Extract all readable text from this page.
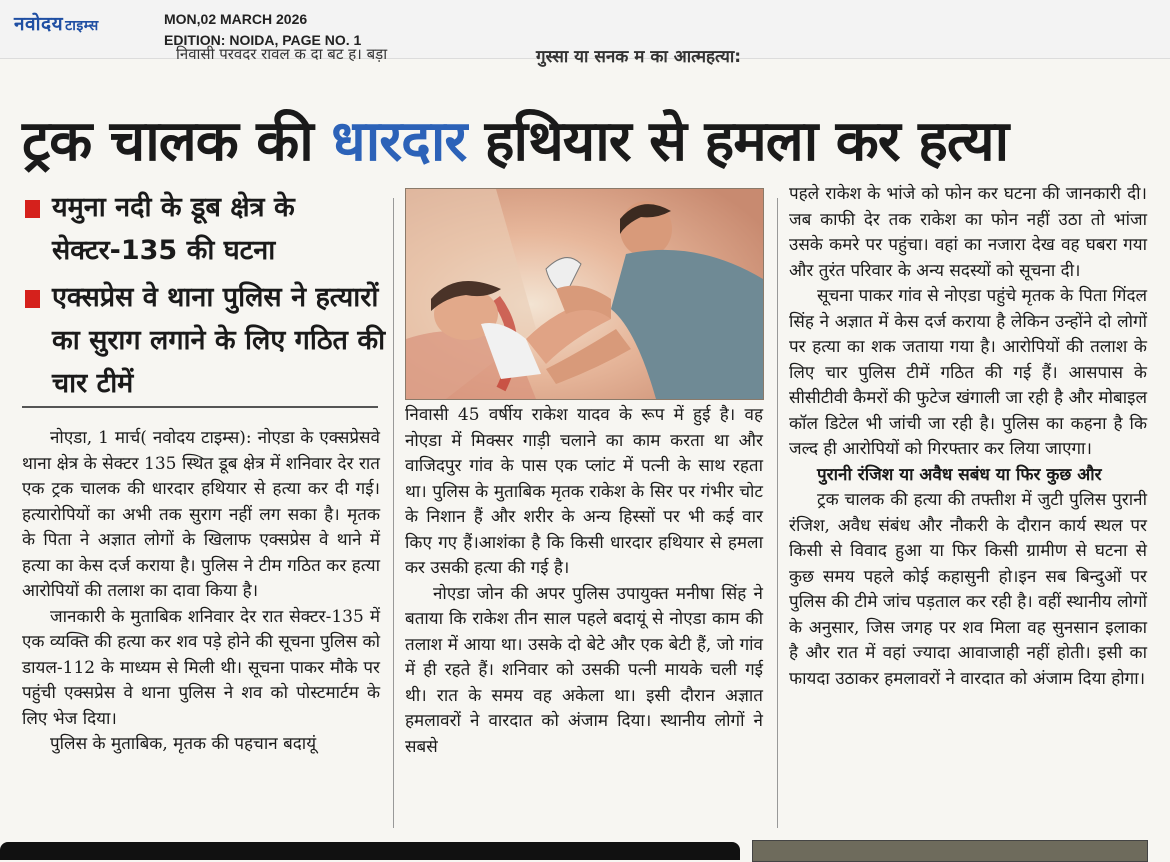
नवोदय टाइम्स	MON,02 MARCH 2026
EDITION: NOIDA, PAGE NO. 1
निवासी परवदर रावल क दा बट ह। बड़ा	गुस्सा या सनक म का आत्महत्या:
ट्रक चालक की धारदार हथियार से हमला कर हत्या
यमुना नदी के डूब क्षेत्र के सेक्टर-135 की घटना
एक्सप्रेस वे थाना पुलिस ने हत्यारों का सुराग लगाने के लिए गठित की चार टीमें

नोएडा, 1 मार्च( नवोदय टाइम्स): नोएडा के एक्सप्रेसवे थाना क्षेत्र के सेक्टर 135 स्थित डूब क्षेत्र में शनिवार देर रात एक ट्रक चालक की धारदार हथियार से हत्या कर दी गई। हत्यारोपियों का अभी तक सुराग नहीं लग सका है। मृतक के पिता ने अज्ञात लोगों के खिलाफ एक्सप्रेस वे थाने में हत्या का केस दर्ज कराया है। पुलिस ने टीम गठित कर हत्या आरोपियों की तलाश का दावा किया है।

जानकारी के मुताबिक शनिवार देर रात सेक्टर-135 में एक व्यक्ति की हत्या कर शव पड़े होने की सूचना पुलिस को डायल-112 के माध्यम से मिली थी। सूचना पाकर मौके पर पहुंची एक्सप्रेस वे थाना पुलिस ने शव को पोस्टमार्टम के लिए भेज दिया।

पुलिस के मुताबिक, मृतक की पहचान बदायूं

निवासी 45 वर्षीय राकेश यादव के रूप में हुई है। वह नोएडा में मिक्सर गाड़ी चलाने का काम करता था और वाजिदपुर गांव के पास एक प्लांट में पत्नी के साथ रहता था। पुलिस के मुताबिक मृतक राकेश के सिर पर गंभीर चोट के निशान हैं और शरीर के अन्य हिस्सों पर भी कई वार किए गए हैं।आशंका है कि किसी धारदार हथियार से हमला कर उसकी हत्या की गई है।

नोएडा जोन की अपर पुलिस उपायुक्त मनीषा सिंह ने बताया कि राकेश तीन साल पहले बदायूं से नोएडा काम की तलाश में आया था। उसके दो बेटे और एक बेटी हैं, जो गांव में ही रहते हैं। शनिवार को उसकी पत्नी मायके चली गई थी। रात के समय वह अकेला था। इसी दौरान अज्ञात हमलावरों ने वारदात को अंजाम दिया। स्थानीय लोगों ने सबसे

पहले राकेश के भांजे को फोन कर घटना की जानकारी दी। जब काफी देर तक राकेश का फोन नहीं उठा तो भांजा उसके कमरे पर पहुंचा। वहां का नजारा देख वह घबरा गया और तुरंत परिवार के अन्य सदस्यों को सूचना दी।

सूचना पाकर गांव से नोएडा पहुंचे मृतक के पिता गिंदल सिंह ने अज्ञात में केस दर्ज कराया है लेकिन उन्होंने दो लोगों पर हत्या का शक जताया गया है। आरोपियों की तलाश के लिए चार पुलिस टीमें गठित की गई हैं। आसपास के सीसीटीवी कैमरों की फुटेज खंगाली जा रही है और मोबाइल कॉल डिटेल भी जांची जा रही है। पुलिस का कहना है कि जल्द ही आरोपियों को गिरफ्तार कर लिया जाएगा।

पुरानी रंजिश या अवैध सबंध या फिर कुछ और

ट्रक चालक की हत्या की तफ्तीश में जुटी पुलिस पुरानी रंजिश, अवैध संबंध और नौकरी के दौरान कार्य स्थल पर किसी से विवाद हुआ या फिर किसी ग्रामीण से घटना से कुछ समय पहले कोई कहासुनी हो।इन सब बिन्दुओं पर पुलिस की टीमे जांच पड़ताल कर रही है। वहीं स्थानीय लोगों के अनुसार, जिस जगह पर शव मिला वह सुनसान इलाका है और रात में वहां ज्यादा आवाजाही नहीं होती। इसी का फायदा उठाकर हमलावरों ने वारदात को अंजाम दिया होगा।
